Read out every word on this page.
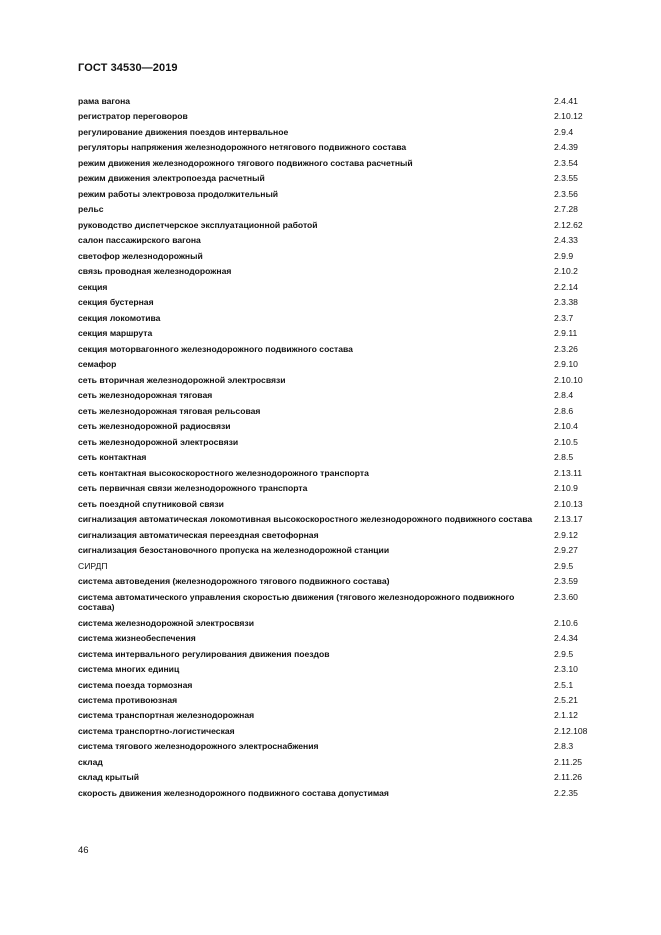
ГОСТ 34530—2019
рама вагона	2.4.41
регистратор переговоров	2.10.12
регулирование движения поездов интервальное	2.9.4
регуляторы напряжения железнодорожного нетягового подвижного состава	2.4.39
режим движения железнодорожного тягового подвижного состава расчетный	2.3.54
режим движения электропоезда расчетный	2.3.55
режим работы электровоза продолжительный	2.3.56
рельс	2.7.28
руководство диспетчерское эксплуатационной работой	2.12.62
салон пассажирского вагона	2.4.33
светофор железнодорожный	2.9.9
связь проводная железнодорожная	2.10.2
секция	2.2.14
секция бустерная	2.3.38
секция локомотива	2.3.7
секция маршрута	2.9.11
секция моторвагонного железнодорожного подвижного состава	2.3.26
семафор	2.9.10
сеть вторичная железнодорожной электросвязи	2.10.10
сеть железнодорожная тяговая	2.8.4
сеть железнодорожная тяговая рельсовая	2.8.6
сеть железнодорожной радиосвязи	2.10.4
сеть железнодорожной электросвязи	2.10.5
сеть контактная	2.8.5
сеть контактная высокоскоростного железнодорожного транспорта	2.13.11
сеть первичная связи железнодорожного транспорта	2.10.9
сеть поездной спутниковой связи	2.10.13
сигнализация автоматическая локомотивная высокоскоростного железнодорожного подвижного состава	2.13.17
сигнализация автоматическая переездная светофорная	2.9.12
сигнализация безостановочного пропуска на железнодорожной станции	2.9.27
СИРДП	2.9.5
система автоведения (железнодорожного тягового подвижного состава)	2.3.59
система автоматического управления скоростью движения (тягового железнодорожного подвижного состава)
2.3.60
система железнодорожной электросвязи	2.10.6
система жизнеобеспечения	2.4.34
система интервального регулирования движения поездов	2.9.5
система многих единиц	2.3.10
система поезда тормозная	2.5.1
система противоюзная	2.5.21
система транспортная железнодорожная	2.1.12
система транспортно-логистическая	2.12.108
система тягового железнодорожного электроснабжения	2.8.3
склад	2.11.25
склад крытый	2.11.26
скорость движения железнодорожного подвижного состава допустимая	2.2.35
46
